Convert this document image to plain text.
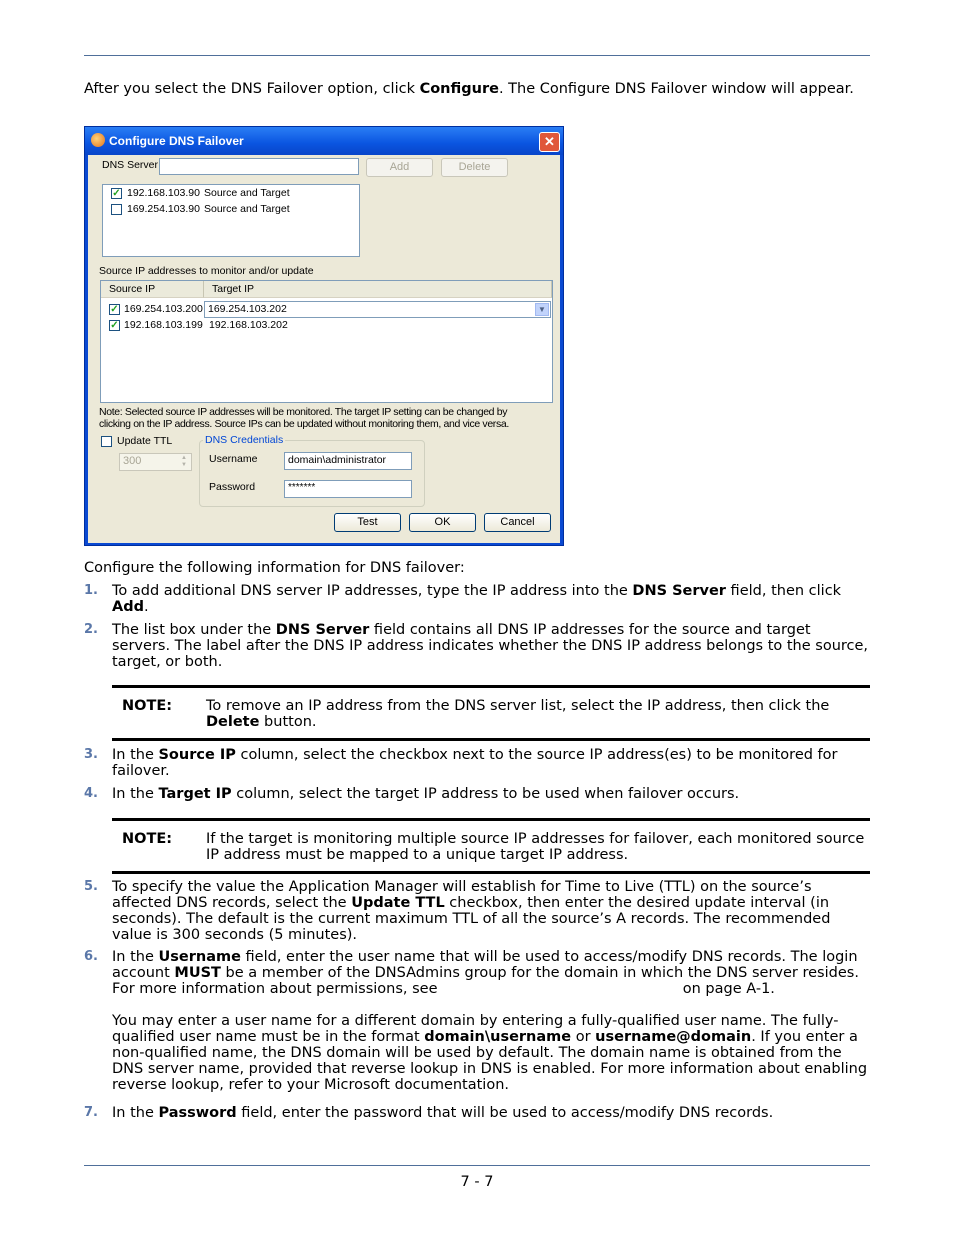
After you select the DNS Failover option, click Configure. The Configure DNS Failover window will appear.

Configure DNS Failover	✕
DNS Server	Add	Delete
✓ 192.168.103.90 Source and Target
169.254.103.90 Source and Target
Source IP addresses to monitor and/or update
Source IP	Target IP
✓ 169.254.103.200 169.254.103.202	▼
✓ 192.168.103.199 192.168.103.202
Note: Selected source IP addresses will be monitored. The target IP setting can be changed by
clicking on the IP address. Source IPs can be updated without monitoring them, and vice versa.
Update TTL
300	▲
▼
DNS Credentials
Username	domain\administrator
Password	*******
Test	OK	Cancel

Configure the following information for DNS failover:

1. To add additional DNS server IP addresses, type the IP address into the DNS Server field, then click Add.
2. The list box under the DNS Server field contains all DNS IP addresses for the source and target servers. The label after the DNS IP address indicates whether the DNS IP address belongs to the source, target, or both.
NOTE: To remove an IP address from the DNS server list, select the IP address, then click the Delete button.
3. In the Source IP column, select the checkbox next to the source IP address(es) to be monitored for failover.
4. In the Target IP column, select the target IP address to be used when failover occurs.
NOTE: If the target is monitoring multiple source IP addresses for failover, each monitored source IP address must be mapped to a unique target IP address.
5. To specify the value the Application Manager will establish for Time to Live (TTL) on the source’s affected DNS records, select the Update TTL checkbox, then enter the desired update interval (in seconds). The default is the current maximum TTL of all the source’s A records. The recommended value is 300 seconds (5 minutes).
6. In the Username field, enter the user name that will be used to access/modify DNS records. The login account MUST be a member of the DNSAdmins group for the domain in which the DNS server resides. For more information about permissions, see	on page A-1.
You may enter a user name for a different domain by entering a fully-qualified user name. The fully-qualified user name must be in the format domain\username or username@domain. If you enter a non-qualified name, the DNS domain will be used by default. The domain name is obtained from the DNS server name, provided that reverse lookup in DNS is enabled. For more information about enabling reverse lookup, refer to your Microsoft documentation.
7. In the Password field, enter the password that will be used to access/modify DNS records.
7 - 7
